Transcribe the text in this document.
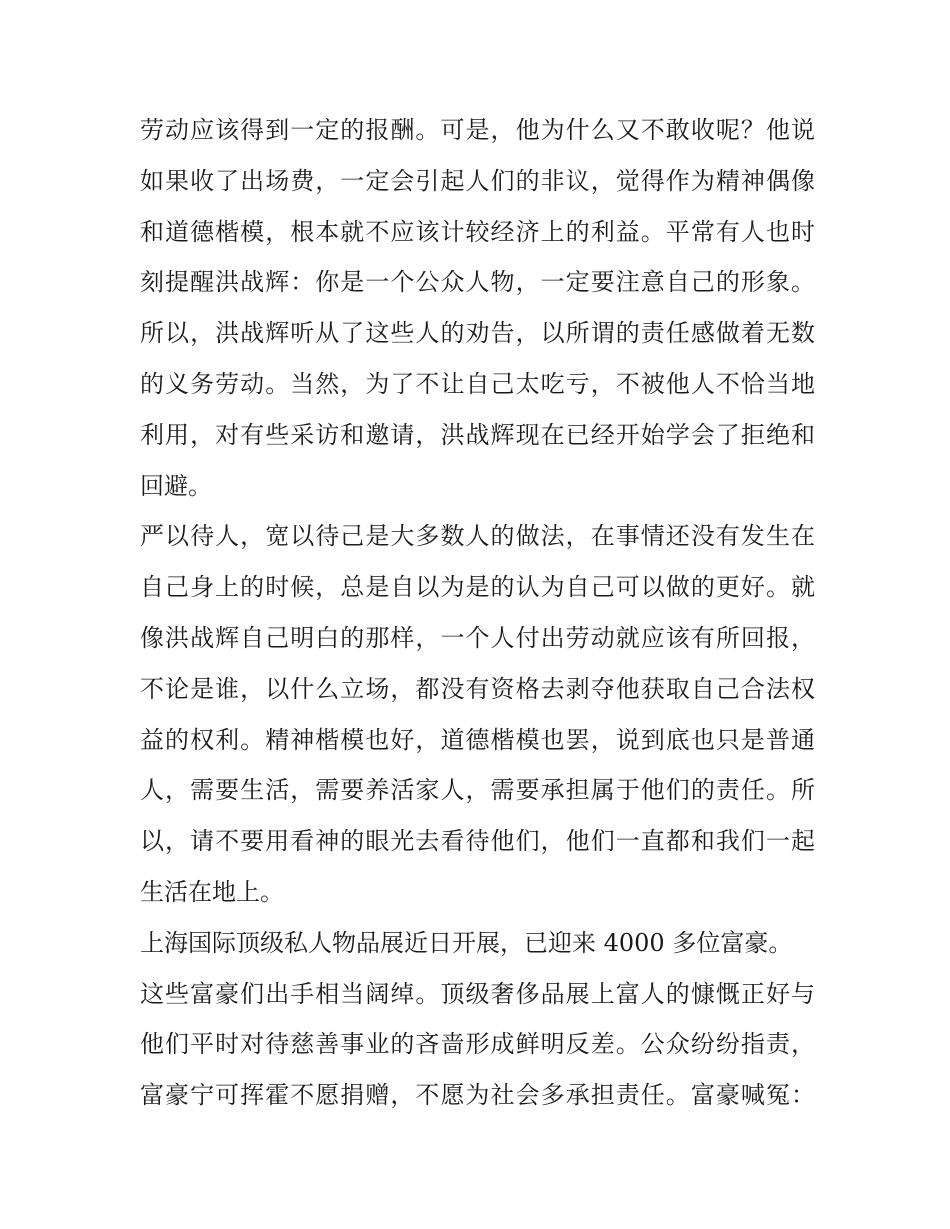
劳动应该得到一定的报酬。可是，他为什么又不敢收呢？他说
如果收了出场费，一定会引起人们的非议，觉得作为精神偶像
和道德楷模，根本就不应该计较经济上的利益。平常有人也时
刻提醒洪战辉：你是一个公众人物，一定要注意自己的形象。
所以，洪战辉听从了这些人的劝告，以所谓的责任感做着无数
的义务劳动。当然，为了不让自己太吃亏，不被他人不恰当地
利用，对有些采访和邀请，洪战辉现在已经开始学会了拒绝和
回避。
严以待人，宽以待己是大多数人的做法，在事情还没有发生在
自己身上的时候，总是自以为是的认为自己可以做的更好。就
像洪战辉自己明白的那样，一个人付出劳动就应该有所回报，
不论是谁，以什么立场，都没有资格去剥夺他获取自己合法权
益的权利。精神楷模也好，道德楷模也罢，说到底也只是普通
人，需要生活，需要养活家人，需要承担属于他们的责任。所
以，请不要用看神的眼光去看待他们，他们一直都和我们一起
生活在地上。
上海国际顶级私人物品展近日开展，已迎来 4000 多位富豪。
这些富豪们出手相当阔绰。顶级奢侈品展上富人的慷慨正好与
他们平时对待慈善事业的吝啬形成鲜明反差。公众纷纷指责，
富豪宁可挥霍不愿捐赠，不愿为社会多承担责任。富豪喊冤：
